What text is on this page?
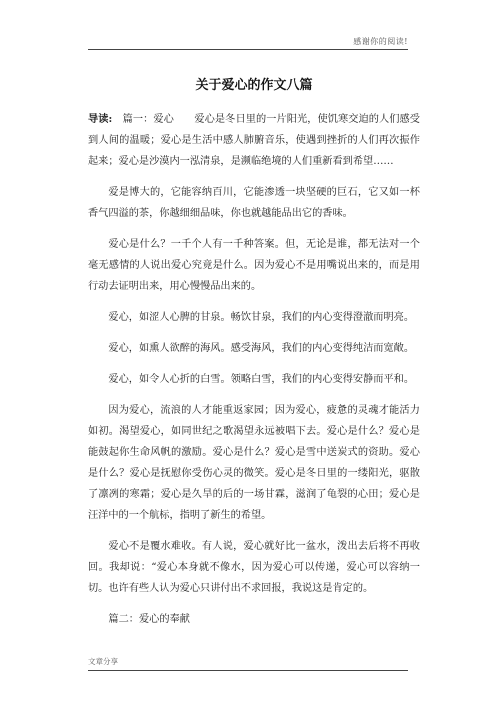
感谢你的阅读!
关于爱心的作文八篇

导读:　 篇一：爱心　　爱心是冬日里的一片阳光，使饥寒交迫的人们感受到人间的温暖；爱心是生活中感人肺腑音乐，使遇到挫折的人们再次振作起来；爱心是沙漠内一泓清泉，是濒临绝境的人们重新看到希望……

爱是博大的，它能容纳百川，它能渗透一块坚硬的巨石，它又如一杯香气四溢的茶，你越细细品味，你也就越能品出它的香味。

爱心是什么？一千个人有一千种答案。但，无论是谁，都无法对一个毫无感情的人说出爱心究竟是什么。因为爱心不是用嘴说出来的，而是用行动去证明出来，用心慢慢品出来的。

爱心，如涩人心脾的甘泉。畅饮甘泉，我们的内心变得澄澈而明亮。

爱心，如熏人欲醉的海风。感受海风，我们的内心变得纯洁而宽敞。

爱心，如令人心折的白雪。领略白雪，我们的内心变得安静而平和。

因为爱心，流浪的人才能重返家园；因为爱心，疲惫的灵魂才能活力如初。渴望爱心，如同世纪之歌渴望永远被唱下去。爱心是什么？爱心是能鼓起你生命风帆的激励。爱心是什么？爱心是雪中送炭式的资助。爱心是什么？爱心是抚慰你受伤心灵的微笑。爱心是冬日里的一缕阳光，驱散了凛冽的寒霜；爱心是久旱的后的一场甘霖，滋润了龟裂的心田；爱心是汪洋中的一个航标，指明了新生的希望。

爱心不是覆水难收。有人说，爱心就好比一盆水，泼出去后将不再收回。我却说：“爱心本身就不像水，因为爱心可以传递，爱心可以容纳一切。也许有些人认为爱心只讲付出不求回报，我说这是肯定的。

篇二：爱心的奉献

文章分享
